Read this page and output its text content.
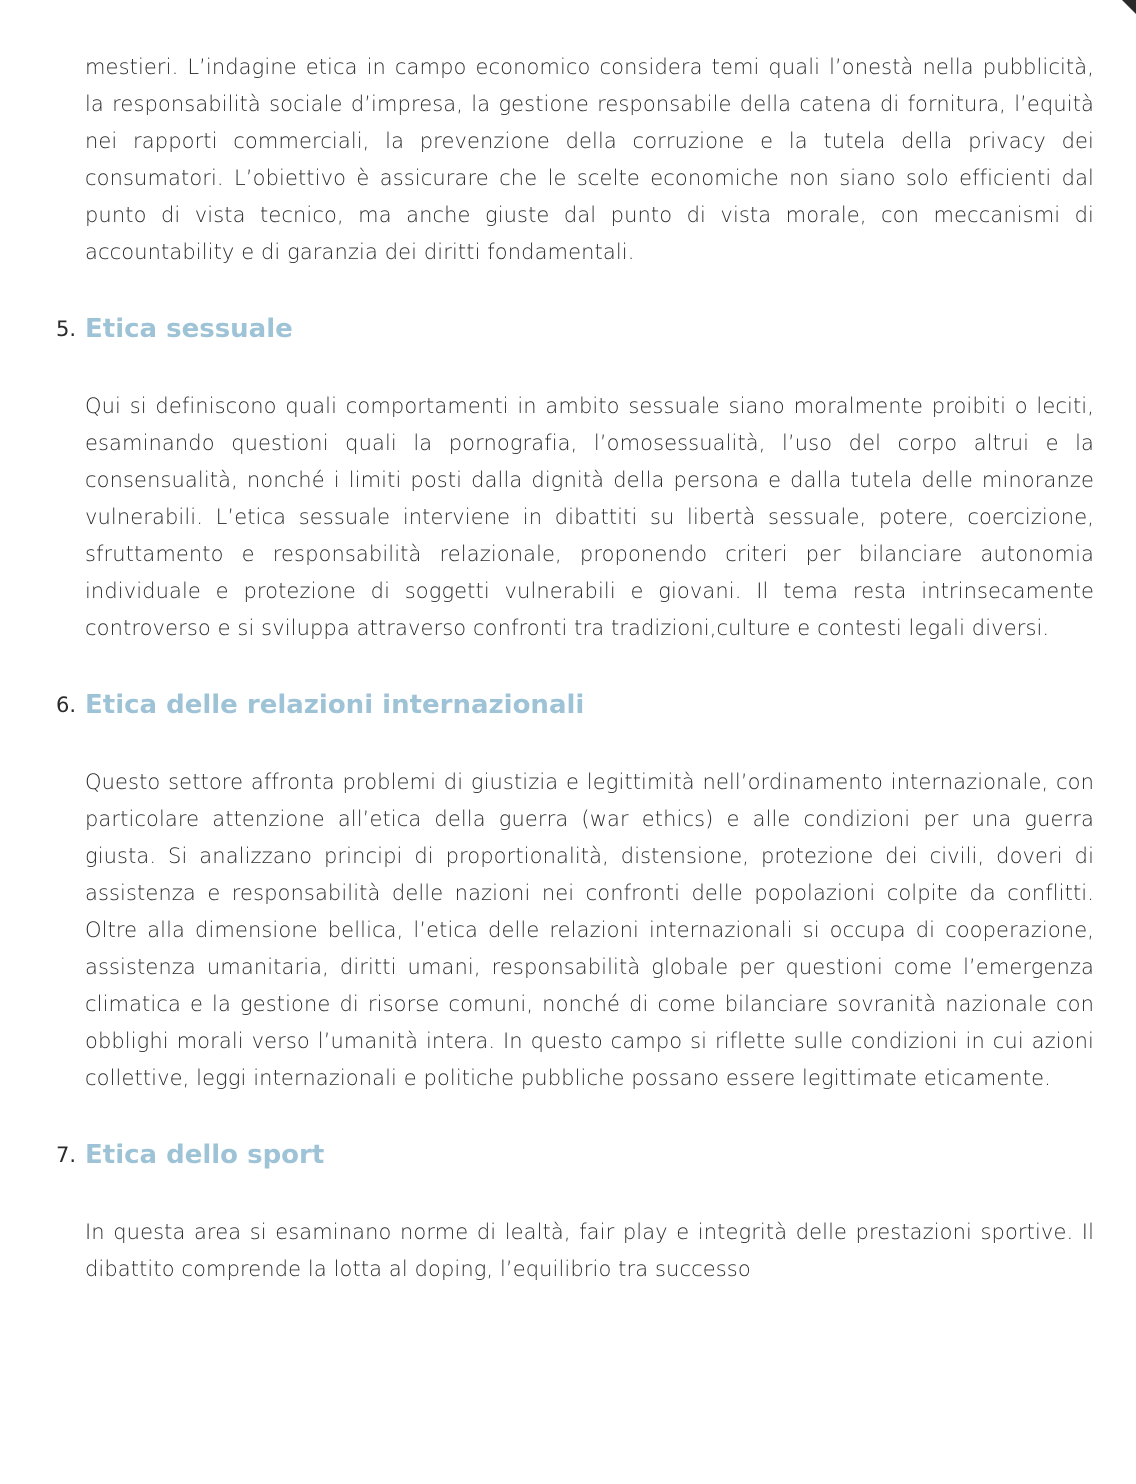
mestieri. L’indagine etica in campo economico considera temi quali l’onestà nella pubblicità, la responsabilità sociale d’impresa, la gestione responsabile della catena di fornitura, l’equità nei rapporti commerciali, la prevenzione della corruzione e la tutela della privacy dei consumatori. L’obiettivo è assicurare che le scelte economiche non siano solo efficienti dal punto di vista tecnico, ma anche giuste dal punto di vista morale, con meccanismi di accountability e di garanzia dei diritti fondamentali.

5. Etica sessuale

Qui si definiscono quali comportamenti in ambito sessuale siano moralmente proibiti o leciti, esaminando questioni quali la pornografia, l’omosessualità, l’uso del corpo altrui e la consensualità, nonché i limiti posti dalla dignità della persona e dalla tutela delle minoranze vulnerabili. L’etica sessuale interviene in dibattiti su libertà sessuale, potere, coercizione, sfruttamento e responsabilità relazionale, proponendo criteri per bilanciare autonomia individuale e protezione di soggetti vulnerabili e giovani. Il tema resta intrinsecamente controverso e si sviluppa attraverso confronti tra tradizioni,culture e contesti legali diversi.

6. Etica delle relazioni internazionali

Questo settore affronta problemi di giustizia e legittimità nell’ordinamento internazionale, con particolare attenzione all’etica della guerra (war ethics) e alle condizioni per una guerra giusta. Si analizzano principi di proportionalità, distensione, protezione dei civili, doveri di assistenza e responsabilità delle nazioni nei confronti delle popolazioni colpite da conflitti. Oltre alla dimensione bellica, l’etica delle relazioni internazionali si occupa di cooperazione, assistenza umanitaria, diritti umani, responsabilità globale per questioni come l’emergenza climatica e la gestione di risorse comuni, nonché di come bilanciare sovranità nazionale con obblighi morali verso l’umanità intera. In questo campo si riflette sulle condizioni in cui azioni collettive, leggi internazionali e politiche pubbliche possano essere legittimate eticamente.

7. Etica dello sport

In questa area si esaminano norme di lealtà, fair play e integrità delle prestazioni sportive. Il dibattito comprende la lotta al doping, l’equilibrio tra successo
